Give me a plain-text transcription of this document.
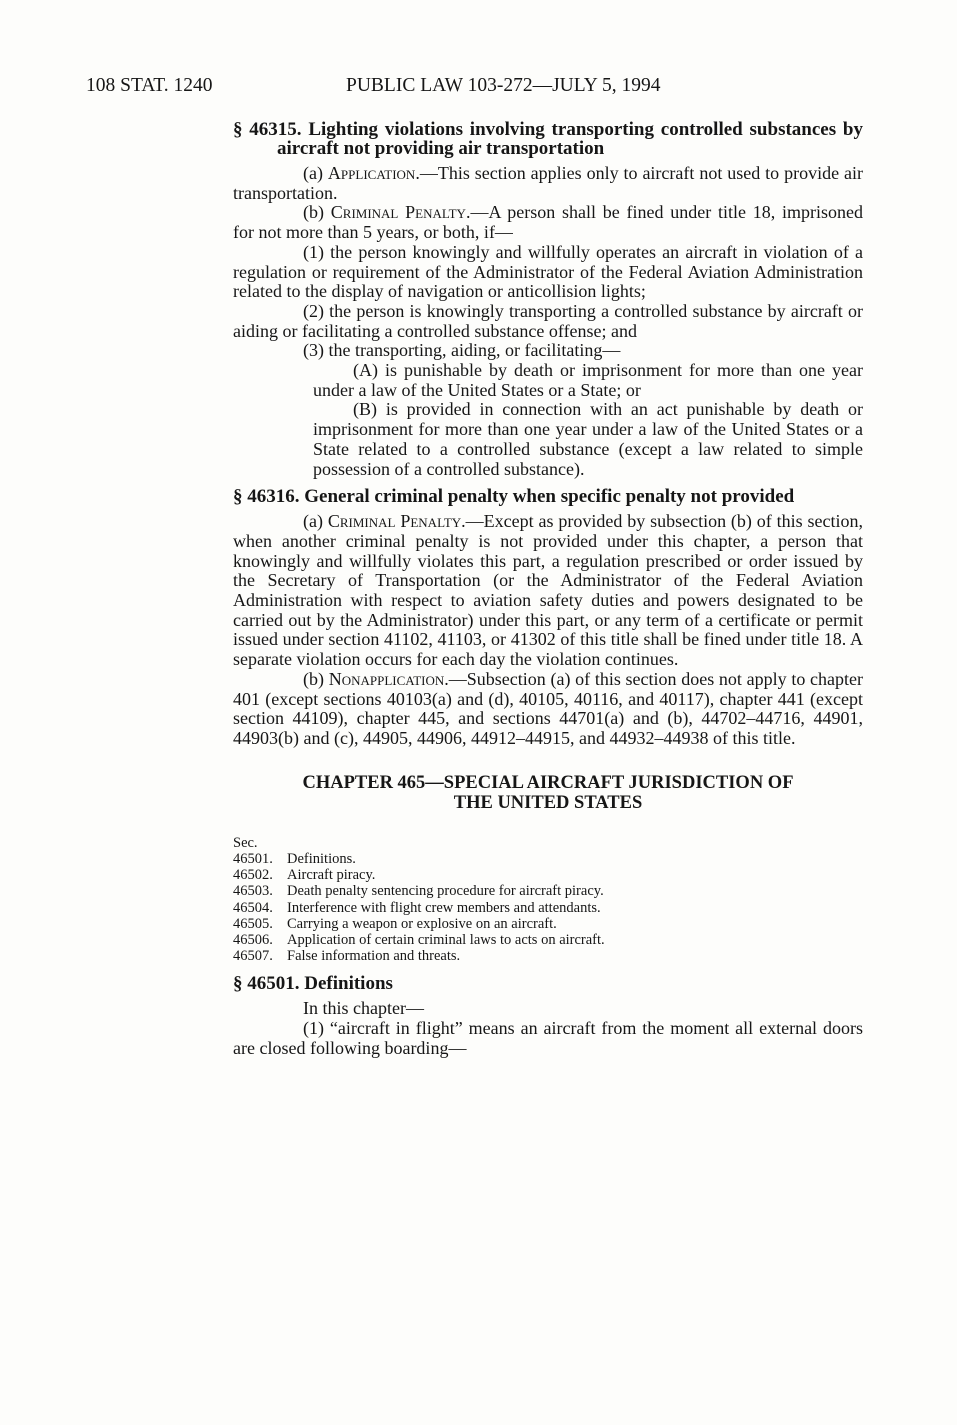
108 STAT. 1240	PUBLIC LAW 103-272—JULY 5, 1994
§ 46315. Lighting violations involving transporting controlled substances by aircraft not providing air transportation
(a) Application.—This section applies only to aircraft not used to provide air transportation.
(b) Criminal Penalty.—A person shall be fined under title 18, imprisoned for not more than 5 years, or both, if—
(1) the person knowingly and willfully operates an aircraft in violation of a regulation or requirement of the Administrator of the Federal Aviation Administration related to the display of navigation or anticollision lights;
(2) the person is knowingly transporting a controlled substance by aircraft or aiding or facilitating a controlled substance offense; and
(3) the transporting, aiding, or facilitating—
(A) is punishable by death or imprisonment for more than one year under a law of the United States or a State; or
(B) is provided in connection with an act punishable by death or imprisonment for more than one year under a law of the United States or a State related to a controlled substance (except a law related to simple possession of a controlled substance).
§ 46316. General criminal penalty when specific penalty not provided
(a) Criminal Penalty.—Except as provided by subsection (b) of this section, when another criminal penalty is not provided under this chapter, a person that knowingly and willfully violates this part, a regulation prescribed or order issued by the Secretary of Transportation (or the Administrator of the Federal Aviation Administration with respect to aviation safety duties and powers designated to be carried out by the Administrator) under this part, or any term of a certificate or permit issued under section 41102, 41103, or 41302 of this title shall be fined under title 18. A separate violation occurs for each day the violation continues.
(b) Nonapplication.—Subsection (a) of this section does not apply to chapter 401 (except sections 40103(a) and (d), 40105, 40116, and 40117), chapter 441 (except section 44109), chapter 445, and sections 44701(a) and (b), 44702–44716, 44901, 44903(b) and (c), 44905, 44906, 44912–44915, and 44932–44938 of this title.
CHAPTER 465—SPECIAL AIRCRAFT JURISDICTION OF
THE UNITED STATES
Sec.
46501. Definitions.
46502. Aircraft piracy.
46503. Death penalty sentencing procedure for aircraft piracy.
46504. Interference with flight crew members and attendants.
46505. Carrying a weapon or explosive on an aircraft.
46506. Application of certain criminal laws to acts on aircraft.
46507. False information and threats.
§ 46501. Definitions
In this chapter—
(1) “aircraft in flight” means an aircraft from the moment all external doors are closed following boarding—
